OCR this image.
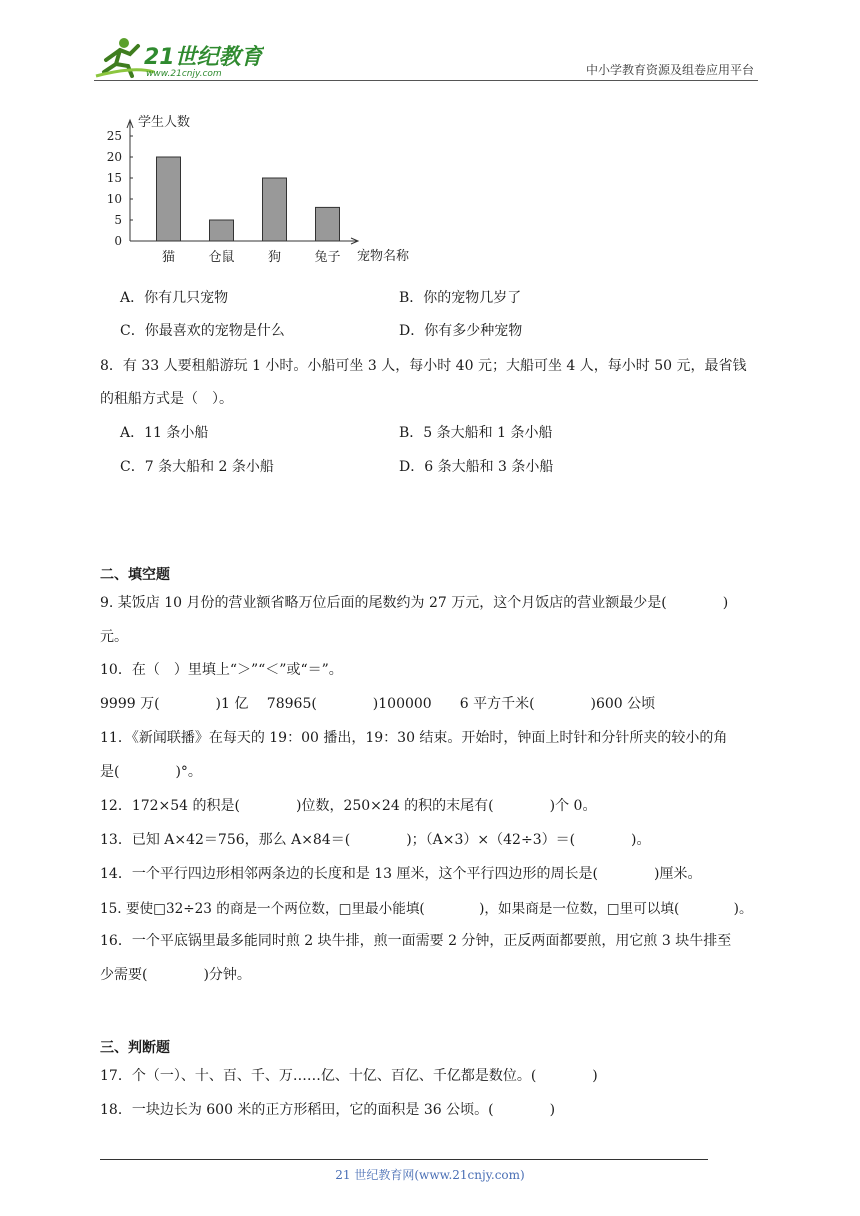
21世纪教育
www.21cnjy.com	中小学教育资源及组卷应用平台
0
5
10
15
20
25
猫	仓鼠	狗	兔子
学生人数
宠物名称
A．你有几只宠物	B．你的宠物几岁了
C．你最喜欢的宠物是什么	D．你有多少种宠物
8．有 33 人要租船游玩 1 小时。小船可坐 3 人，每小时 40 元；大船可坐 4 人，每小时 50 元，最省钱
的租船方式是（　）。
A．11 条小船	B．5 条大船和 1 条小船
C．7 条大船和 2 条小船	D．6 条大船和 3 条小船
二、填空题
9. 某饭店 10 月份的营业额省略万位后面的尾数约为 27 万元，这个月饭店的营业额最少是(　　　　)
元。
10．在（　）里填上“＞”“＜”或“＝”。
9999 万(　　　　)1 亿　 78965(　　　　)100000　　6 平方千米(　　　　)600 公顷
11．《新闻联播》在每天的 19：00 播出，19：30 结束。开始时，钟面上时针和分针所夹的较小的角
是(　　　　)°。
12．172×54 的积是(　　　　)位数，250×24 的积的末尾有(　　　　)个 0。
13．已知 A×42＝756，那么 A×84＝(　　　　)；（A×3）×（42÷3）＝(　　　　)。
14．一个平行四边形相邻两条边的长度和是 13 厘米，这个平行四边形的周长是(　　　　)厘米。
15. 要使□32÷23 的商是一个两位数，□里最小能填(　　　　)，如果商是一位数，□里可以填(　　　　)。
16．一个平底锅里最多能同时煎 2 块牛排，煎一面需要 2 分钟，正反两面都要煎，用它煎 3 块牛排至
少需要(　　　　)分钟。
三、判断题
17．个（一）、十、百、千、万……亿、十亿、百亿、千亿都是数位。(　　　　)
18．一块边长为 600 米的正方形稻田，它的面积是 36 公顷。(　　　　)
21 世纪教育网(www.21cnjy.com)
